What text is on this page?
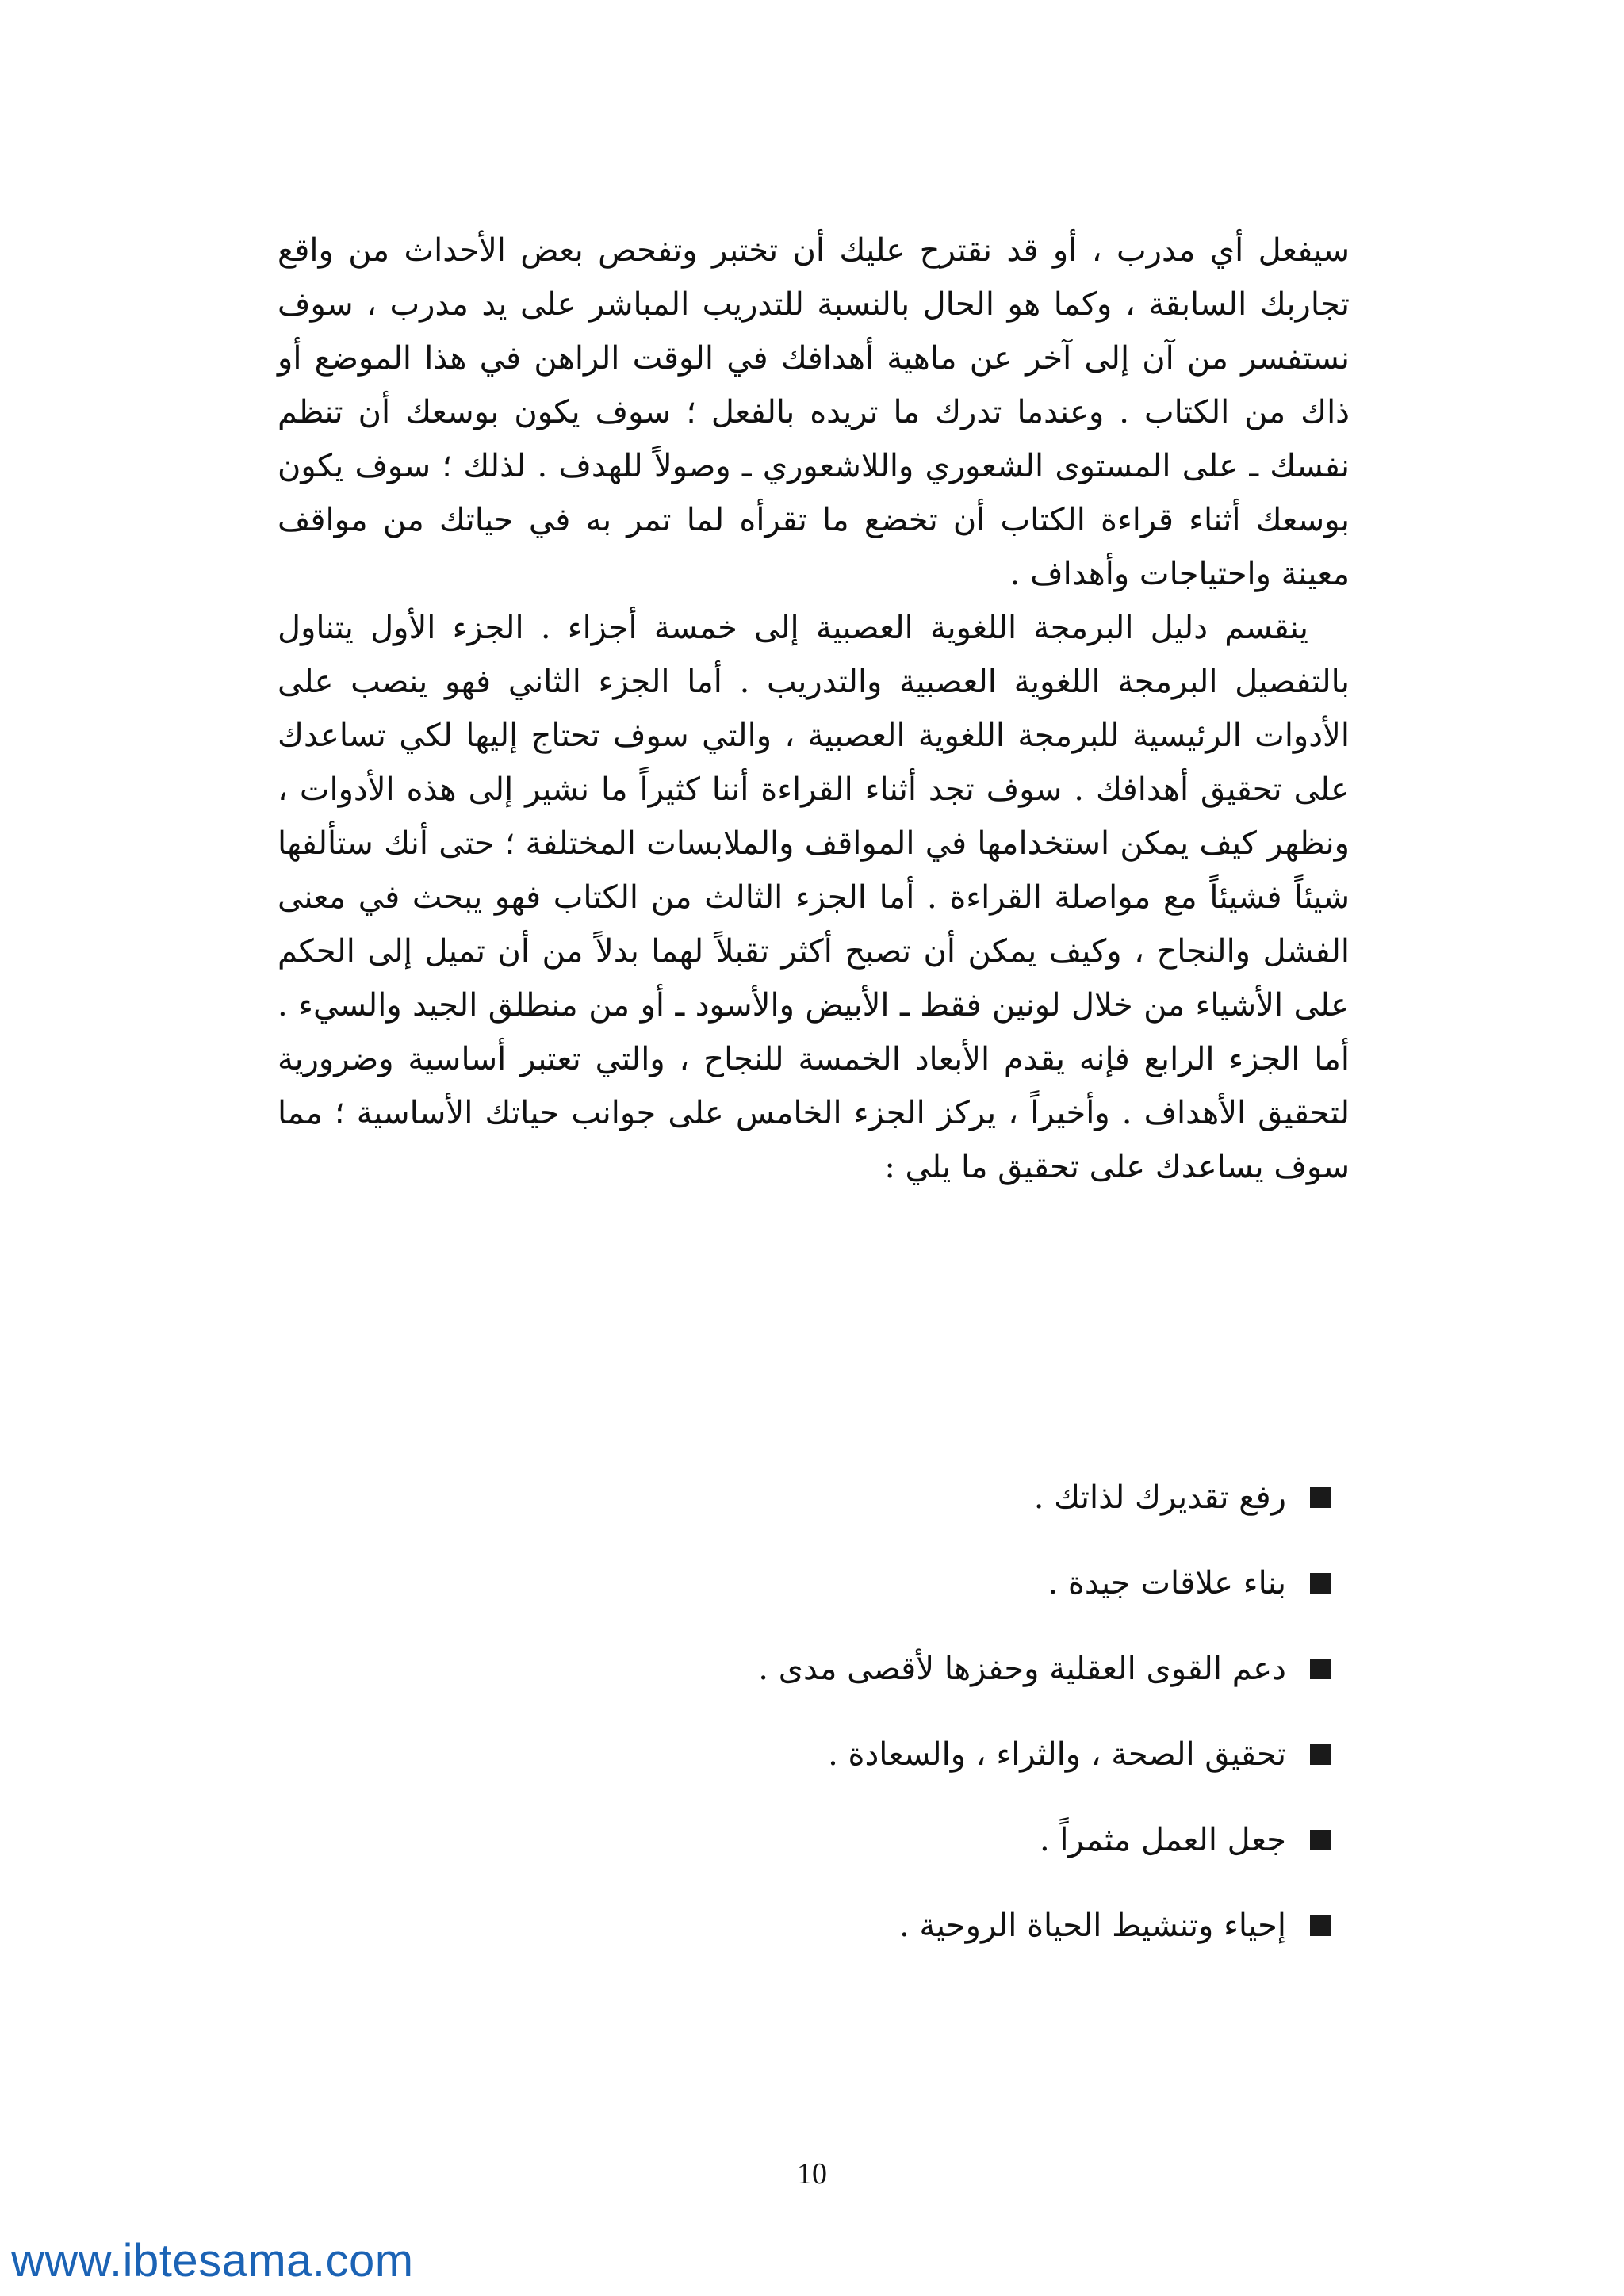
سيفعل أي مدرب ، أو قد نقترح عليك أن تختبر وتفحص بعض الأحداث من واقع تجاربك السابقة ، وكما هو الحال بالنسبة للتدريب المباشر على يد مدرب ، سوف نستفسر من آن إلى آخر عن ماهية أهدافك في الوقت الراهن في هذا الموضع أو ذاك من الكتاب . وعندما تدرك ما تريده بالفعل ؛ سوف يكون بوسعك أن تنظم نفسك ـ على المستوى الشعوري واللاشعوري ـ وصولاً للهدف . لذلك ؛ سوف يكون بوسعك أثناء قراءة الكتاب أن تخضع ما تقرأه لما تمر به في حياتك من مواقف معينة واحتياجات وأهداف .

ينقسم دليل البرمجة اللغوية العصبية إلى خمسة أجزاء . الجزء الأول يتناول بالتفصيل البرمجة اللغوية العصبية والتدريب . أما الجزء الثاني فهو ينصب على الأدوات الرئيسية للبرمجة اللغوية العصبية ، والتي سوف تحتاج إليها لكي تساعدك على تحقيق أهدافك . سوف تجد أثناء القراءة أننا كثيراً ما نشير إلى هذه الأدوات ، ونظهر كيف يمكن استخدامها في المواقف والملابسات المختلفة ؛ حتى أنك ستألفها شيئاً فشيئاً مع مواصلة القراءة . أما الجزء الثالث من الكتاب فهو يبحث في معنى الفشل والنجاح ، وكيف يمكن أن تصبح أكثر تقبلاً لهما بدلاً من أن تميل إلى الحكم على الأشياء من خلال لونين فقط ـ الأبيض والأسود ـ أو من منطلق الجيد والسيء . أما الجزء الرابع فإنه يقدم الأبعاد الخمسة للنجاح ، والتي تعتبر أساسية وضرورية لتحقيق الأهداف . وأخيراً ، يركز الجزء الخامس على جوانب حياتك الأساسية ؛ مما سوف يساعدك على تحقيق ما يلي :

رفع تقديرك لذاتك .
بناء علاقات جيدة .
دعم القوى العقلية وحفزها لأقصى مدى .
تحقيق الصحة ، والثراء ، والسعادة .
جعل العمل مثمراً .
إحياء وتنشيط الحياة الروحية .
10
www.ibtesama.com
